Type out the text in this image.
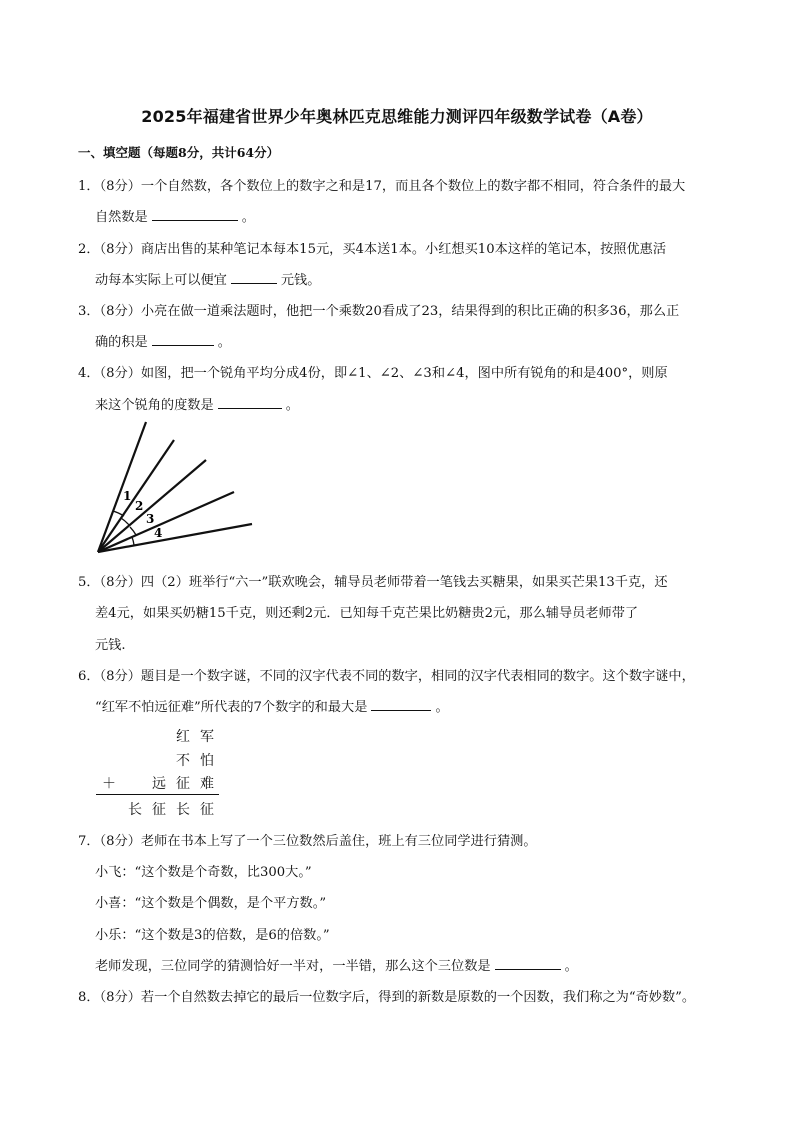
2025年福建省世界少年奥林匹克思维能力测评四年级数学试卷（A卷）
一、填空题（每题8分，共计64分）
1．（8分）一个自然数，各个数位上的数字之和是17，而且各个数位上的数字都不相同，符合条件的最大
自然数是	。
2．（8分）商店出售的某种笔记本每本15元，买4本送1本。小红想买10本这样的笔记本，按照优惠活
动每本实际上可以便宜	元钱。
3．（8分）小亮在做一道乘法题时，他把一个乘数20看成了23，结果得到的积比正确的积多36，那么正
确的积是	。
4．（8分）如图，把一个锐角平均分成4份，即∠1、∠2、∠3和∠4，图中所有锐角的和是400°，则原
来这个锐角的度数是	。
1
2
3
4
5．（8分）四（2）班举行“六一”联欢晚会，辅导员老师带着一笔钱去买糖果，如果买芒果13千克，还
差4元，如果买奶糖15千克，则还剩2元．已知每千克芒果比奶糖贵2元，那么辅导员老师带了
元钱.
6．（8分）题目是一个数字谜，不同的汉字代表不同的数字，相同的汉字代表相同的数字。这个数字谜中，
“红军不怕远征难”所代表的7个数字的和最大是	。
红 军
不 怕
＋	远 征 难
长 征 长 征
7．（8分）老师在书本上写了一个三位数然后盖住，班上有三位同学进行猜测。
小飞：“这个数是个奇数，比300大。”
小喜：“这个数是个偶数，是个平方数。”
小乐：“这个数是3的倍数，是6的倍数。”
老师发现，三位同学的猜测恰好一半对，一半错，那么这个三位数是	。
8．（8分）若一个自然数去掉它的最后一位数字后，得到的新数是原数的一个因数，我们称之为“奇妙数”。
